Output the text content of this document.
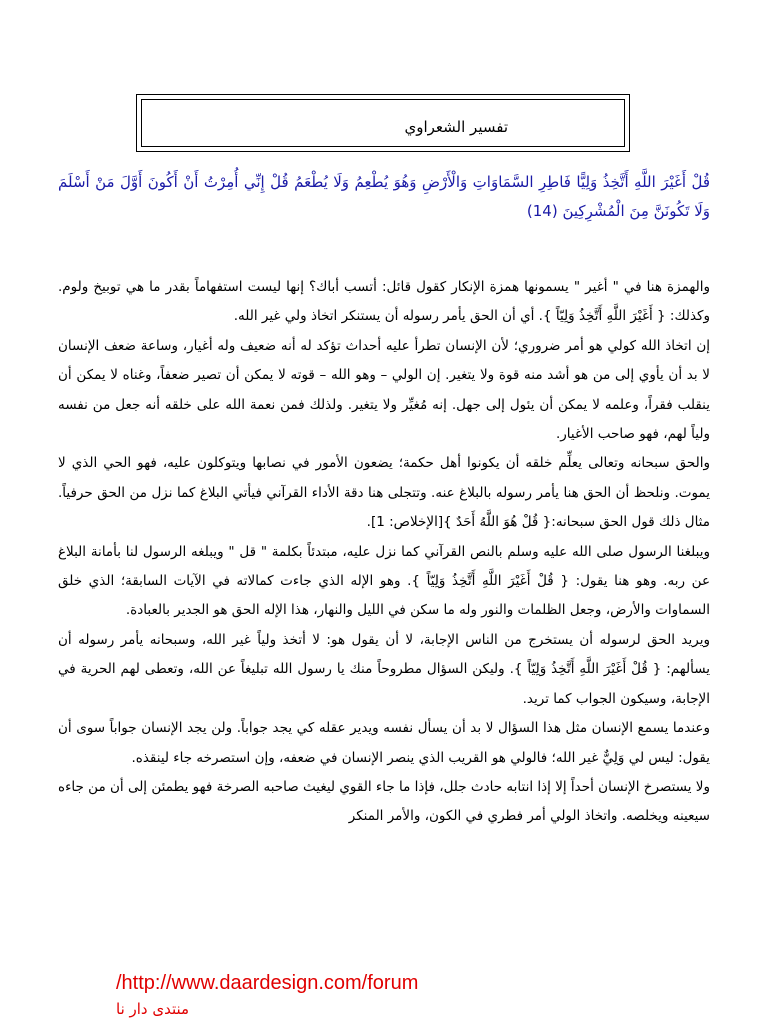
تفسير الشعراوي
قُلْ أَغَيْرَ اللَّهِ أَتَّخِذُ وَلِيًّا فَاطِرِ السَّمَاوَاتِ وَالْأَرْضِ وَهُوَ يُطْعِمُ وَلَا يُطْعَمُ قُلْ إِنِّي أُمِرْتُ أَنْ أَكُونَ أَوَّلَ مَنْ أَسْلَمَ وَلَا تَكُونَنَّ مِنَ الْمُشْرِكِينَ (14)

والهمزة هنا في " أغير " يسمونها همزة الإنكار كقول قائل: أتسب أباك؟ إنها ليست استفهاماً بقدر ما هي توبيخ ولوم. وكذلك: { أَغَيْرَ اللَّهِ أَتَّخِذُ وَلِيّاً }. أي أن الحق يأمر رسوله أن يستنكر اتخاذ ولي غير الله.

إن اتخاذ الله كولي هو أمر ضروري؛ لأن الإنسان تطرأ عليه أحداث تؤكد له أنه ضعيف وله أغيار، وساعة ضعف الإنسان لا بد أن يأوي إلى من هو أشد منه قوة ولا يتغير. إن الولي – وهو الله – قوته لا يمكن أن تصير ضعفاً، وغناه لا يمكن أن ينقلب فقراً، وعلمه لا يمكن أن يئول إلى جهل. إنه مُغيِّر ولا يتغير. ولذلك فمن نعمة الله على خلقه أنه جعل من نفسه ولياً لهم، فهو صاحب الأغيار.

والحق سبحانه وتعالى يعلِّم خلقه أن يكونوا أهل حكمة؛ يضعون الأمور في نصابها ويتوكلون عليه، فهو الحي الذي لا يموت. ونلحظ أن الحق هنا يأمر رسوله بالبلاغ عنه. وتتجلى هنا دقة الأداء القرآني فيأتي البلاغ كما نزل من الحق حرفياً. مثال ذلك قول الحق سبحانه:{ قُلْ هُوَ اللَّهُ أَحَدٌ }[الإخلاص: 1].

ويبلغنا الرسول صلى الله عليه وسلم بالنص القرآني كما نزل عليه، مبتدئاً بكلمة " قل " ويبلغه الرسول لنا بأمانة البلاغ عن ربه. وهو هنا يقول: { قُلْ أَغَيْرَ اللَّهِ أَتَّخِذُ وَلِيّاً }. وهو الإله الذي جاءت كمالاته في الآيات السابقة؛ الذي خلق السماوات والأرض، وجعل الظلمات والنور وله ما سكن في الليل والنهار، هذا الإله الحق هو الجدير بالعبادة.

ويريد الحق لرسوله أن يستخرج من الناس الإجابة، لا أن يقول هو: لا أتخذ ولياً غير الله، وسبحانه يأمر رسوله أن يسألهم: { قُلْ أَغَيْرَ اللَّهِ أَتَّخِذُ وَلِيّاً }. وليكن السؤال مطروحاً منك يا رسول الله تبليغاً عن الله، وتعطى لهم الحرية في الإجابة، وسيكون الجواب كما تريد.

وعندما يسمع الإنسان مثل هذا السؤال لا بد أن يسأل نفسه ويدير عقله كي يجد جواباً. ولن يجد الإنسان جواباً سوى أن يقول: ليس لي وَلِيٌّ غير الله؛ فالولي هو القريب الذي ينصر الإنسان في ضعفه، وإن استصرخه جاء لينقذه.

ولا يستصرخ الإنسان أحداً إلا إذا انتابه حادث جلل، فإذا ما جاء القوي ليغيث صاحبه الصرخة فهو يطمئن إلى أن من جاءه سيعينه ويخلصه. واتخاذ الولي أمر فطري في الكون، والأمر المنكر

/http://www.daardesign.com/forum
منتدى دار نا
